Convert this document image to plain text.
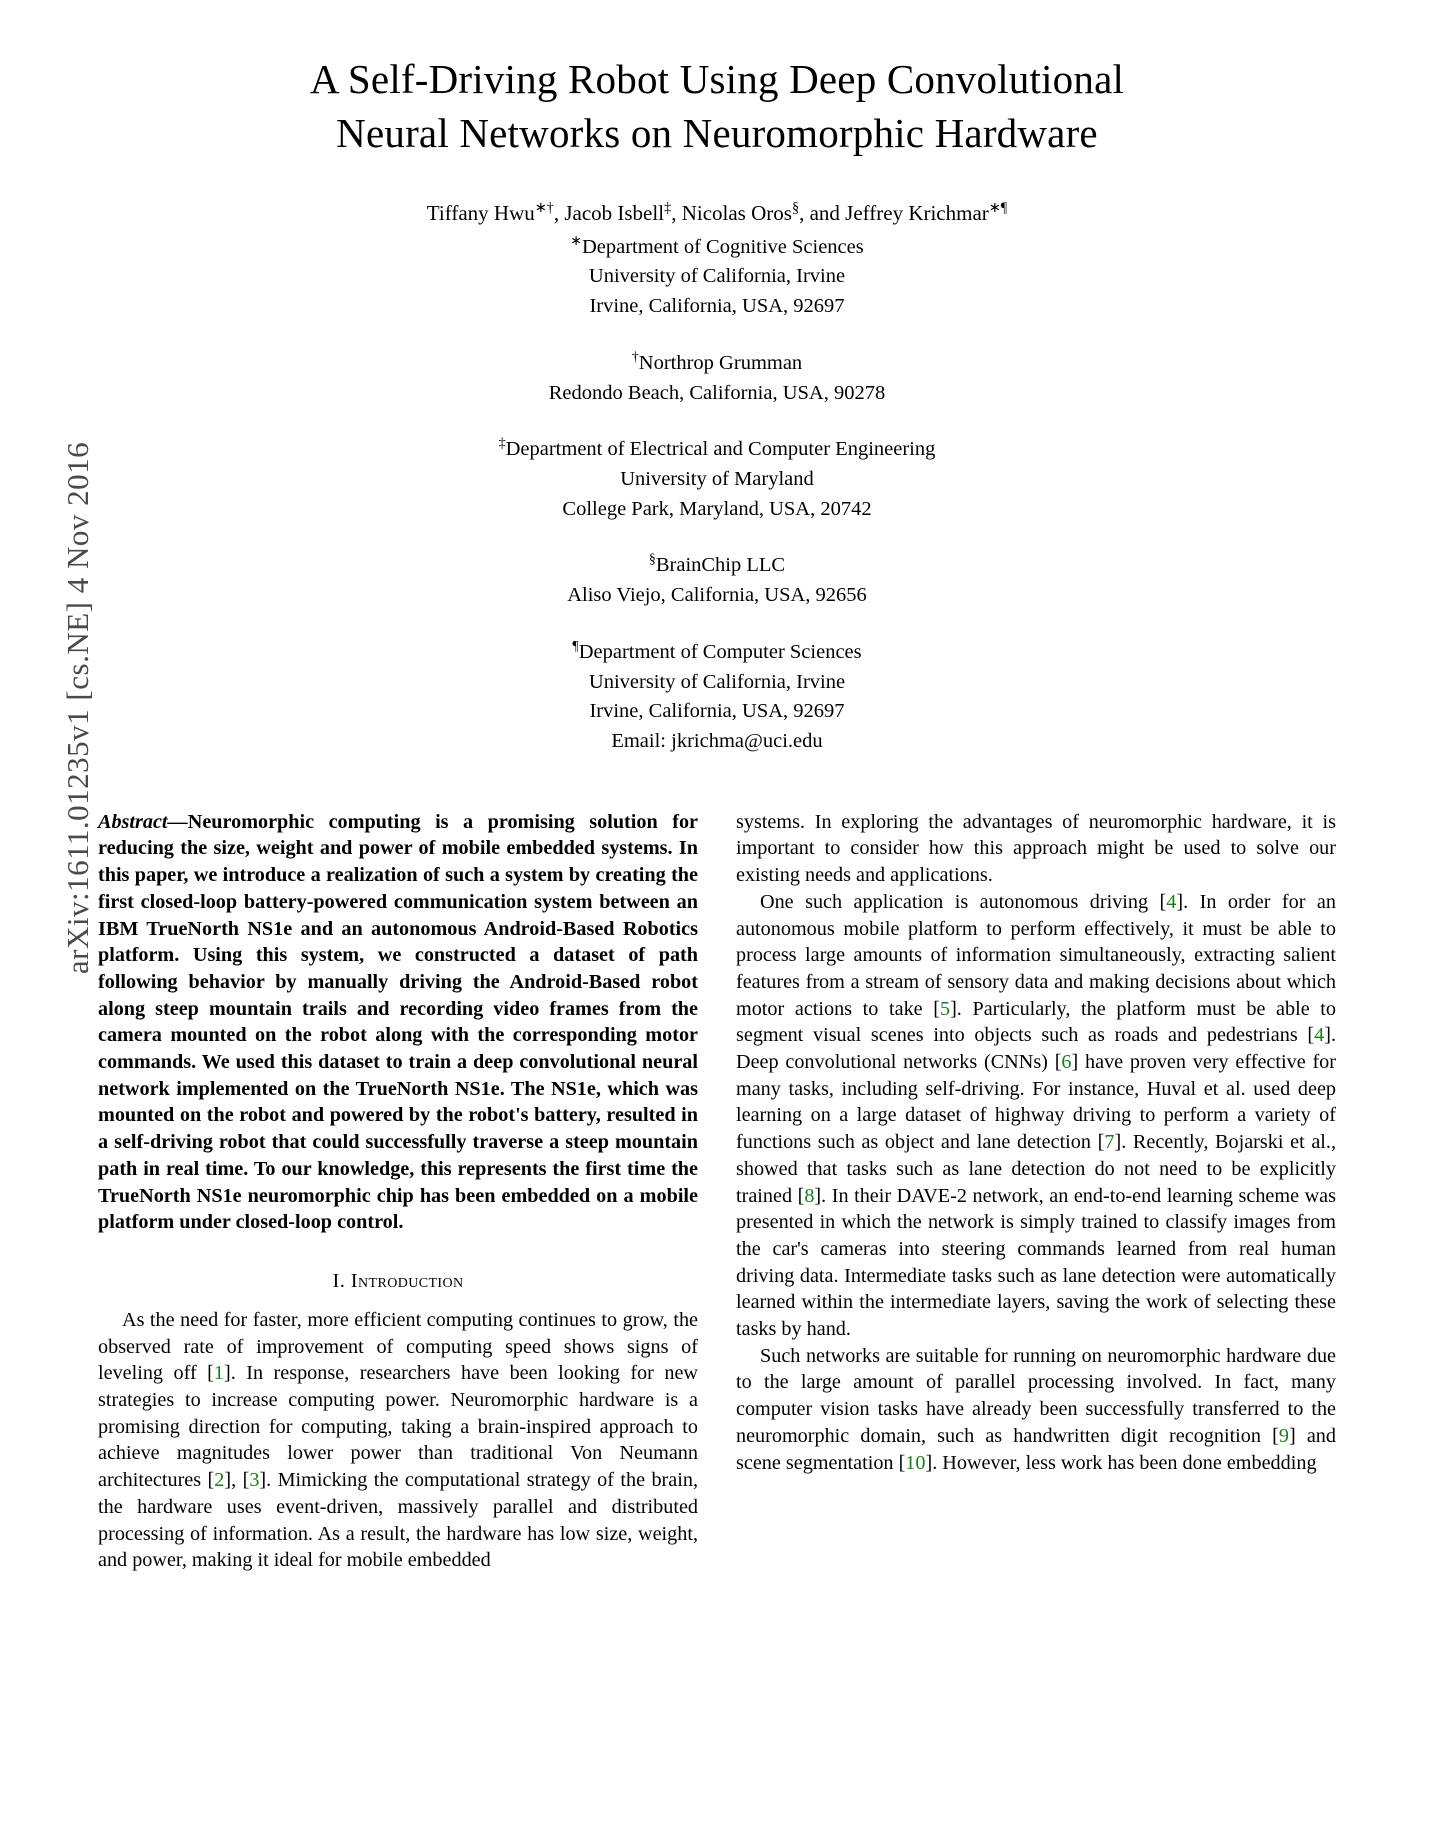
arXiv:1611.01235v1 [cs.NE] 4 Nov 2016
A Self-Driving Robot Using Deep Convolutional
Neural Networks on Neuromorphic Hardware
Tiffany Hwu∗†, Jacob Isbell‡, Nicolas Oros§, and Jeffrey Krichmar∗¶
∗Department of Cognitive Sciences
University of California, Irvine
Irvine, California, USA, 92697
†Northrop Grumman
Redondo Beach, California, USA, 90278
‡Department of Electrical and Computer Engineering
University of Maryland
College Park, Maryland, USA, 20742
§BrainChip LLC
Aliso Viejo, California, USA, 92656
¶Department of Computer Sciences
University of California, Irvine
Irvine, California, USA, 92697
Email: jkrichma@uci.edu

Abstract—Neuromorphic computing is a promising solution for reducing the size, weight and power of mobile embedded systems. In this paper, we introduce a realization of such a system by creating the first closed-loop battery-powered communication system between an IBM TrueNorth NS1e and an autonomous Android-Based Robotics platform. Using this system, we constructed a dataset of path following behavior by manually driving the Android-Based robot along steep mountain trails and recording video frames from the camera mounted on the robot along with the corresponding motor commands. We used this dataset to train a deep convolutional neural network implemented on the TrueNorth NS1e. The NS1e, which was mounted on the robot and powered by the robot's battery, resulted in a self-driving robot that could successfully traverse a steep mountain path in real time. To our knowledge, this represents the first time the TrueNorth NS1e neuromorphic chip has been embedded on a mobile platform under closed-loop control.

I. Introduction

As the need for faster, more efficient computing continues to grow, the observed rate of improvement of computing speed shows signs of leveling off [1]. In response, researchers have been looking for new strategies to increase computing power. Neuromorphic hardware is a promising direction for computing, taking a brain-inspired approach to achieve magnitudes lower power than traditional Von Neumann architectures [2], [3]. Mimicking the computational strategy of the brain, the hardware uses event-driven, massively parallel and distributed processing of information. As a result, the hardware has low size, weight, and power, making it ideal for mobile embedded

systems. In exploring the advantages of neuromorphic hardware, it is important to consider how this approach might be used to solve our existing needs and applications.

One such application is autonomous driving [4]. In order for an autonomous mobile platform to perform effectively, it must be able to process large amounts of information simultaneously, extracting salient features from a stream of sensory data and making decisions about which motor actions to take [5]. Particularly, the platform must be able to segment visual scenes into objects such as roads and pedestrians [4]. Deep convolutional networks (CNNs) [6] have proven very effective for many tasks, including self-driving. For instance, Huval et al. used deep learning on a large dataset of highway driving to perform a variety of functions such as object and lane detection [7]. Recently, Bojarski et al., showed that tasks such as lane detection do not need to be explicitly trained [8]. In their DAVE-2 network, an end-to-end learning scheme was presented in which the network is simply trained to classify images from the car's cameras into steering commands learned from real human driving data. Intermediate tasks such as lane detection were automatically learned within the intermediate layers, saving the work of selecting these tasks by hand.

Such networks are suitable for running on neuromorphic hardware due to the large amount of parallel processing involved. In fact, many computer vision tasks have already been successfully transferred to the neuromorphic domain, such as handwritten digit recognition [9] and scene segmentation [10]. However, less work has been done embedding
